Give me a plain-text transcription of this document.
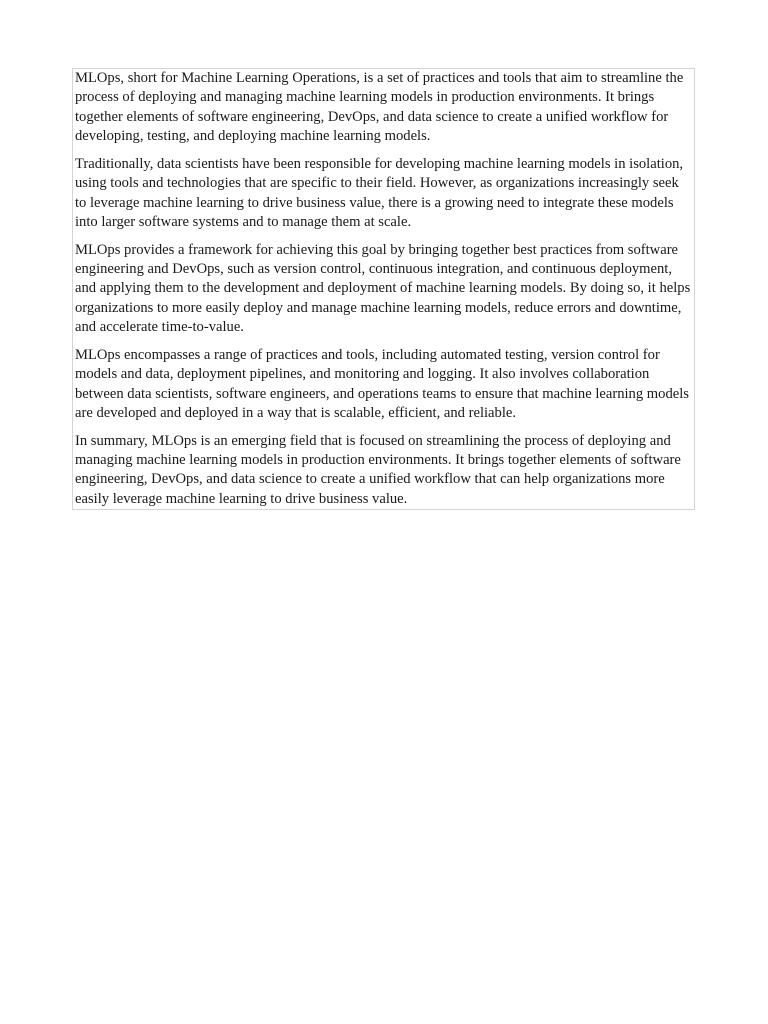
MLOps, short for Machine Learning Operations, is a set of practices and tools that aim to streamline the process of deploying and managing machine learning models in production environments. It brings together elements of software engineering, DevOps, and data science to create a unified workflow for developing, testing, and deploying machine learning models.

Traditionally, data scientists have been responsible for developing machine learning models in isolation, using tools and technologies that are specific to their field. However, as organizations increasingly seek to leverage machine learning to drive business value, there is a growing need to integrate these models into larger software systems and to manage them at scale.

MLOps provides a framework for achieving this goal by bringing together best practices from software engineering and DevOps, such as version control, continuous integration, and continuous deployment, and applying them to the development and deployment of machine learning models. By doing so, it helps organizations to more easily deploy and manage machine learning models, reduce errors and downtime, and accelerate time-to-value.

MLOps encompasses a range of practices and tools, including automated testing, version control for models and data, deployment pipelines, and monitoring and logging. It also involves collaboration between data scientists, software engineers, and operations teams to ensure that machine learning models are developed and deployed in a way that is scalable, efficient, and reliable.

In summary, MLOps is an emerging field that is focused on streamlining the process of deploying and managing machine learning models in production environments. It brings together elements of software engineering, DevOps, and data science to create a unified workflow that can help organizations more easily leverage machine learning to drive business value.
